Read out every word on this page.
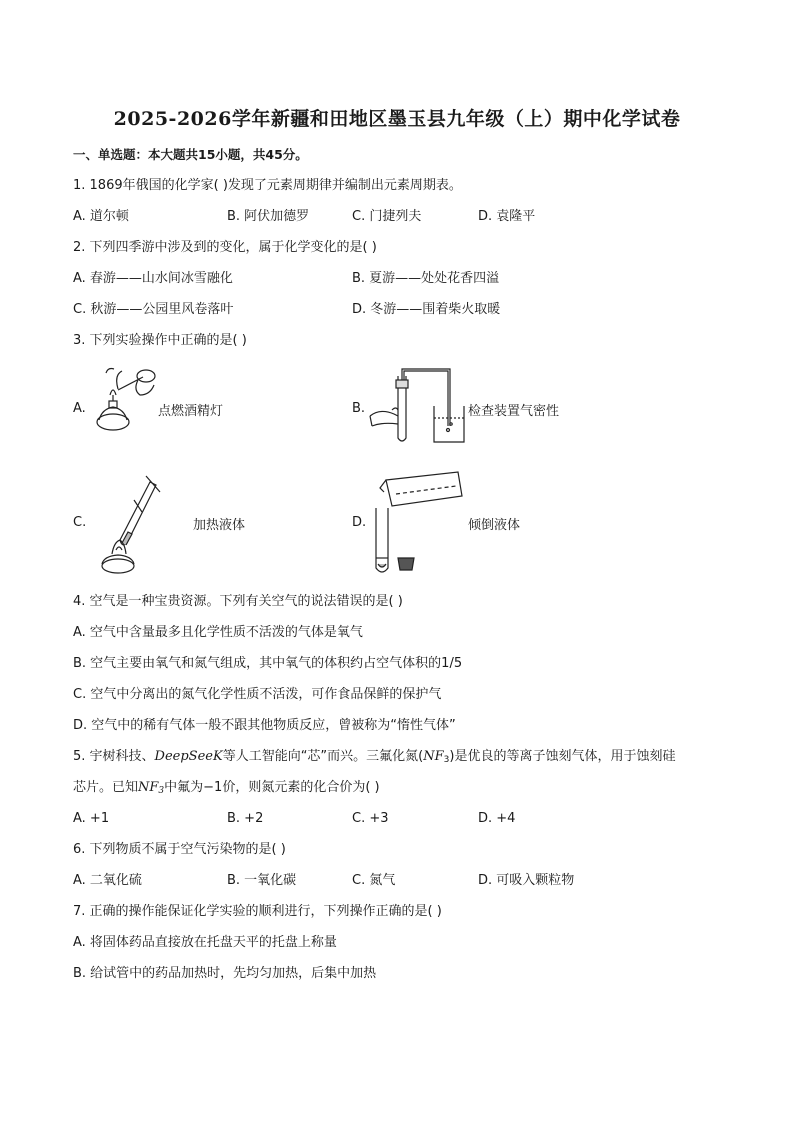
2025-2026学年新疆和田地区墨玉县九年级（上）期中化学试卷
一、单选题：本大题共15小题，共45分。
1. 1869年俄国的化学家( )发现了元素周期律并编制出元素周期表。
A. 道尔顿	B. 阿伏加德罗	C. 门捷列夫	D. 袁隆平
2. 下列四季游中涉及到的变化，属于化学变化的是( )
A. 春游——山水间冰雪融化	B. 夏游——处处花香四溢
C. 秋游——公园里风卷落叶	D. 冬游——围着柴火取暖
3. 下列实验操作中正确的是( )
A.	点燃酒精灯	B.	检查装置气密性
C.	加热液体	D.	倾倒液体
4. 空气是一种宝贵资源。下列有关空气的说法错误的是( )
A. 空气中含量最多且化学性质不活泼的气体是氧气
B. 空气主要由氧气和氮气组成，其中氧气的体积约占空气体积的1/5
C. 空气中分离出的氮气化学性质不活泼，可作食品保鲜的保护气
D. 空气中的稀有气体一般不跟其他物质反应，曾被称为“惰性气体”
5. 宇树科技、DeepSeeK等人工智能向“芯”而兴。三氟化氮$(NF_3)$是优良的等离子蚀刻气体，用于蚀刻硅
芯片。已知$NF_3$中氟为−1价，则氮元素的化合价为( )
A. +1	B. +2	C. +3	D. +4
6. 下列物质不属于空气污染物的是( )
A. 二氧化硫	B. 一氧化碳	C. 氮气	D. 可吸入颗粒物
7. 正确的操作能保证化学实验的顺利进行，下列操作正确的是( )
A. 将固体药品直接放在托盘天平的托盘上称量
B. 给试管中的药品加热时，先均匀加热，后集中加热
